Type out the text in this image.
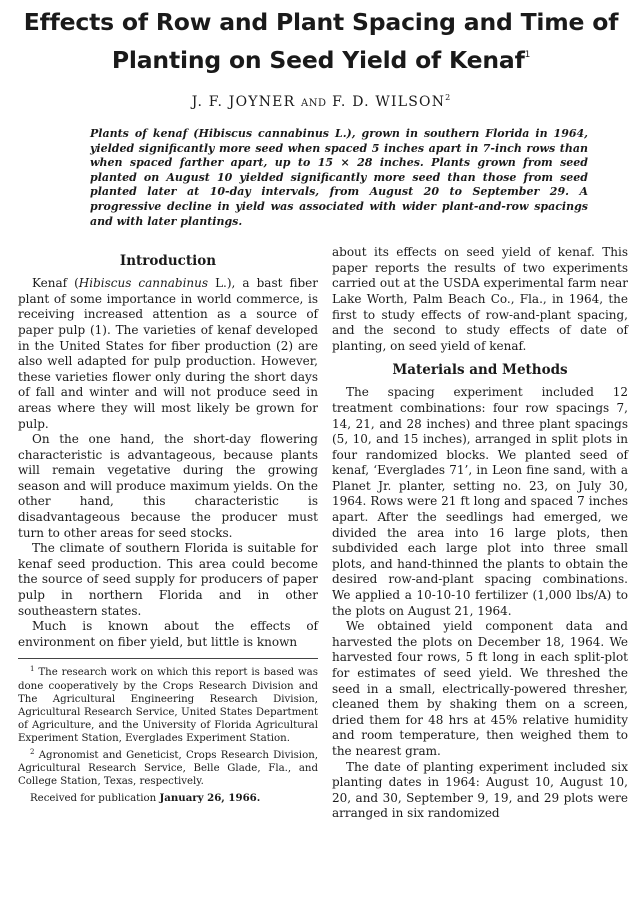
Effects of Row and Plant Spacing and Time of
Planting on Seed Yield of Kenaf$^1$
J. F. JOYNER AND F. D. WILSON$^2$

Plants of kenaf (Hibiscus cannabinus L.), grown in southern Florida in 1964, yielded significantly more seed when spaced 5 inches apart in 7-inch rows than when spaced farther apart, up to 15 × 28 inches. Plants grown from seed planted on August 10 yielded significantly more seed than those from seed planted later at 10-day intervals, from August 20 to September 29. A progressive decline in yield was associated with wider plant-and-row spacings and with later plantings.

Introduction

Kenaf (Hibiscus cannabinus L.), a bast fiber plant of some importance in world commerce, is receiving increased attention as a source of paper pulp (1). The varieties of kenaf developed in the United States for fiber production (2) are also well adapted for pulp production. However, these varieties flower only during the short days of fall and winter and will not produce seed in areas where they will most likely be grown for pulp.

On the one hand, the short-day flowering characteristic is advantageous, because plants will remain vegetative during the growing season and will produce maximum yields. On the other hand, this characteristic is disadvantageous because the producer must turn to other areas for seed stocks.

The climate of southern Florida is suitable for kenaf seed production. This area could become the source of seed supply for producers of paper pulp in northern Florida and in other southeastern states.

Much is known about the effects of environment on fiber yield, but little is known

$^1$ The research work on which this report is based was done cooperatively by the Crops Research Division and The Agricultural Engineering Research Division, Agricultural Research Service, United States Department of Agriculture, and the University of Florida Agricultural Experiment Station, Everglades Experiment Station.

$^2$ Agronomist and Geneticist, Crops Research Division, Agricultural Research Service, Belle Glade, Fla., and College Station, Texas, respectively.

Received for publication January 26, 1966.

about its effects on seed yield of kenaf. This paper reports the results of two experiments carried out at the USDA experimental farm near Lake Worth, Palm Beach Co., Fla., in 1964, the first to study effects of row-and-plant spacing, and the second to study effects of date of planting, on seed yield of kenaf.

Materials and Methods

The spacing experiment included 12 treatment combinations: four row spacings 7, 14, 21, and 28 inches) and three plant spacings (5, 10, and 15 inches), arranged in split plots in four randomized blocks. We planted seed of kenaf, ‘Everglades 71’, in Leon fine sand, with a Planet Jr. planter, setting no. 23, on July 30, 1964. Rows were 21 ft long and spaced 7 inches apart. After the seedlings had emerged, we divided the area into 16 large plots, then subdivided each large plot into three small plots, and hand-thinned the plants to obtain the desired row-and-plant spacing combinations. We applied a 10-10-10 fertilizer (1,000 lbs/A) to the plots on August 21, 1964.

We obtained yield component data and harvested the plots on December 18, 1964. We harvested four rows, 5 ft long in each split-plot for estimates of seed yield. We threshed the seed in a small, electrically-powered thresher, cleaned them by shaking them on a screen, dried them for 48 hrs at 45% relative humidity and room temperature, then weighed them to the nearest gram.

The date of planting experiment included six planting dates in 1964: August 10, August 10, 20, and 30, September 9, 19, and 29 plots were arranged in six randomized
